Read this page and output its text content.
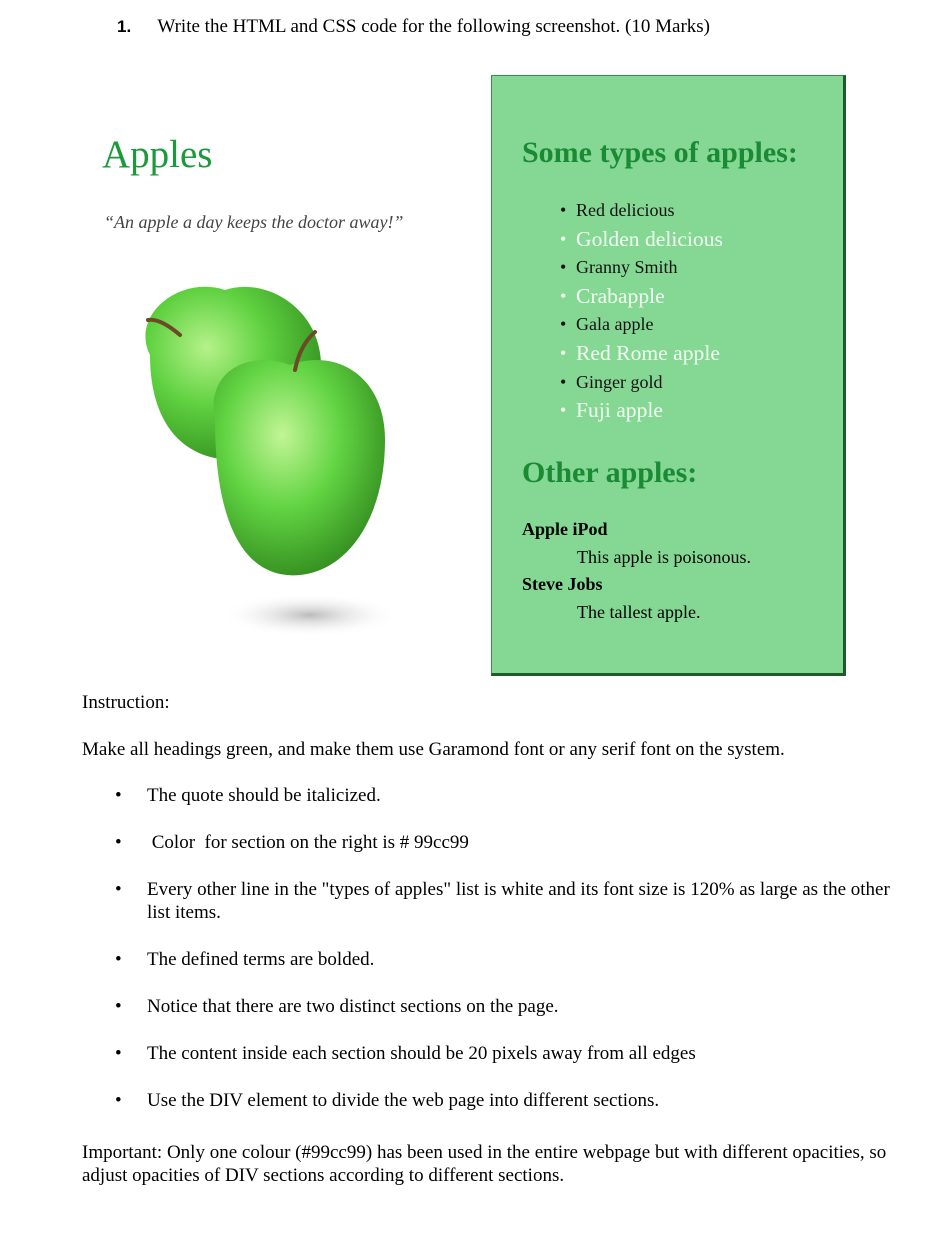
1. Write the HTML and CSS code for the following screenshot. (10 Marks)
Apples

“An apple a day keeps the doctor away!”

Some types of apples:
• Red delicious
• Golden delicious
• Granny Smith
• Crabapple
• Gala apple
• Red Rome apple
• Ginger gold
• Fuji apple
Other apples:
Apple iPod
This apple is poisonous.
Steve Jobs
The tallest apple.

Instruction:

Make all headings green, and make them use Garamond font or any serif font on the system.

• The quote should be italicized.
•  Color  for section on the right is # 99cc99
• Every other line in the "types of apples" list is white and its font size is 120% as large as the other list items.
• The defined terms are bolded.
• Notice that there are two distinct sections on the page.
• The content inside each section should be 20 pixels away from all edges
• Use the DIV element to divide the web page into different sections.

Important: Only one colour (#99cc99) has been used in the entire webpage but with different opacities, so adjust opacities of DIV sections according to different sections.
